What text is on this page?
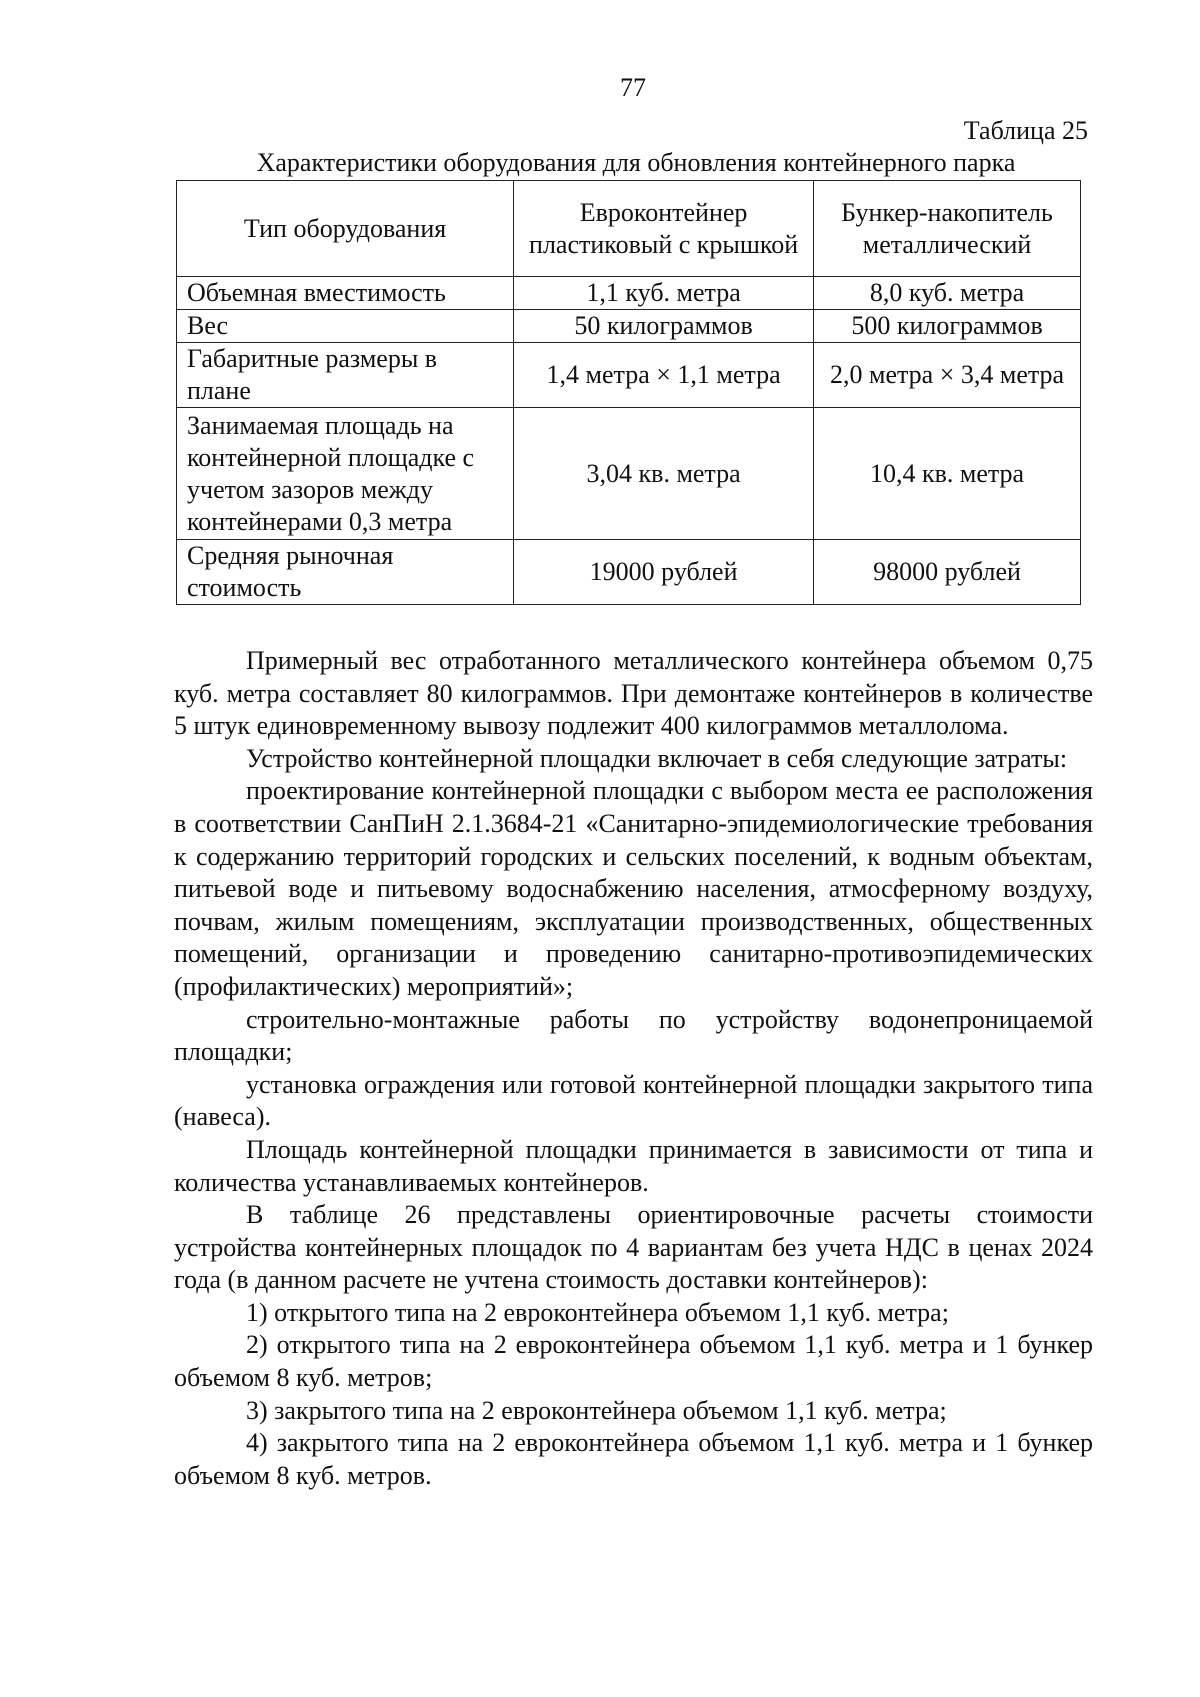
77
Таблица 25
Характеристики оборудования для обновления контейнерного парка
Тип оборудования	Евроконтейнер пластиковый с крышкой	Бункер-накопитель металлический
Объемная вместимость	1,1 куб. метра	8,0 куб. метра
Вес	50 килограммов	500 килограммов
Габаритные размеры в плане	1,4 метра × 1,1 метра	2,0 метра × 3,4 метра
Занимаемая площадь на контейнерной площадке с учетом зазоров между контейнерами 0,3 метра	3,04 кв. метра	10,4 кв. метра
Средняя рыночная стоимость	19000 рублей	98000 рублей

Примерный вес отработанного металлического контейнера объемом 0,75 куб. метра составляет 80 килограммов. При демонтаже контейнеров в количестве 5 штук единовременному вывозу подлежит 400 килограммов металлолома.

Устройство контейнерной площадки включает в себя следующие затраты:

проектирование контейнерной площадки с выбором места ее расположения в соответствии СанПиН 2.1.3684-21 «Санитарно-эпидемиологические требования к содержанию территорий городских и сельских поселений, к водным объектам, питьевой воде и питьевому водоснабжению населения, атмосферному воздуху, почвам, жилым помещениям, эксплуатации производственных, общественных помещений, организации и проведению санитарно-противоэпидемических (профилактических) мероприятий»;

строительно-монтажные работы по устройству водонепроницаемой площадки;

установка ограждения или готовой контейнерной площадки закрытого типа (навеса).

Площадь контейнерной площадки принимается в зависимости от типа и количества устанавливаемых контейнеров.

В таблице 26 представлены ориентировочные расчеты стоимости устройства контейнерных площадок по 4 вариантам без учета НДС в ценах 2024 года (в данном расчете не учтена стоимость доставки контейнеров):

1) открытого типа на 2 евроконтейнера объемом 1,1 куб. метра;

2) открытого типа на 2 евроконтейнера объемом 1,1 куб. метра и 1 бункер объемом 8 куб. метров;

3) закрытого типа на 2 евроконтейнера объемом 1,1 куб. метра;

4) закрытого типа на 2 евроконтейнера объемом 1,1 куб. метра и 1 бункер объемом 8 куб. метров.
